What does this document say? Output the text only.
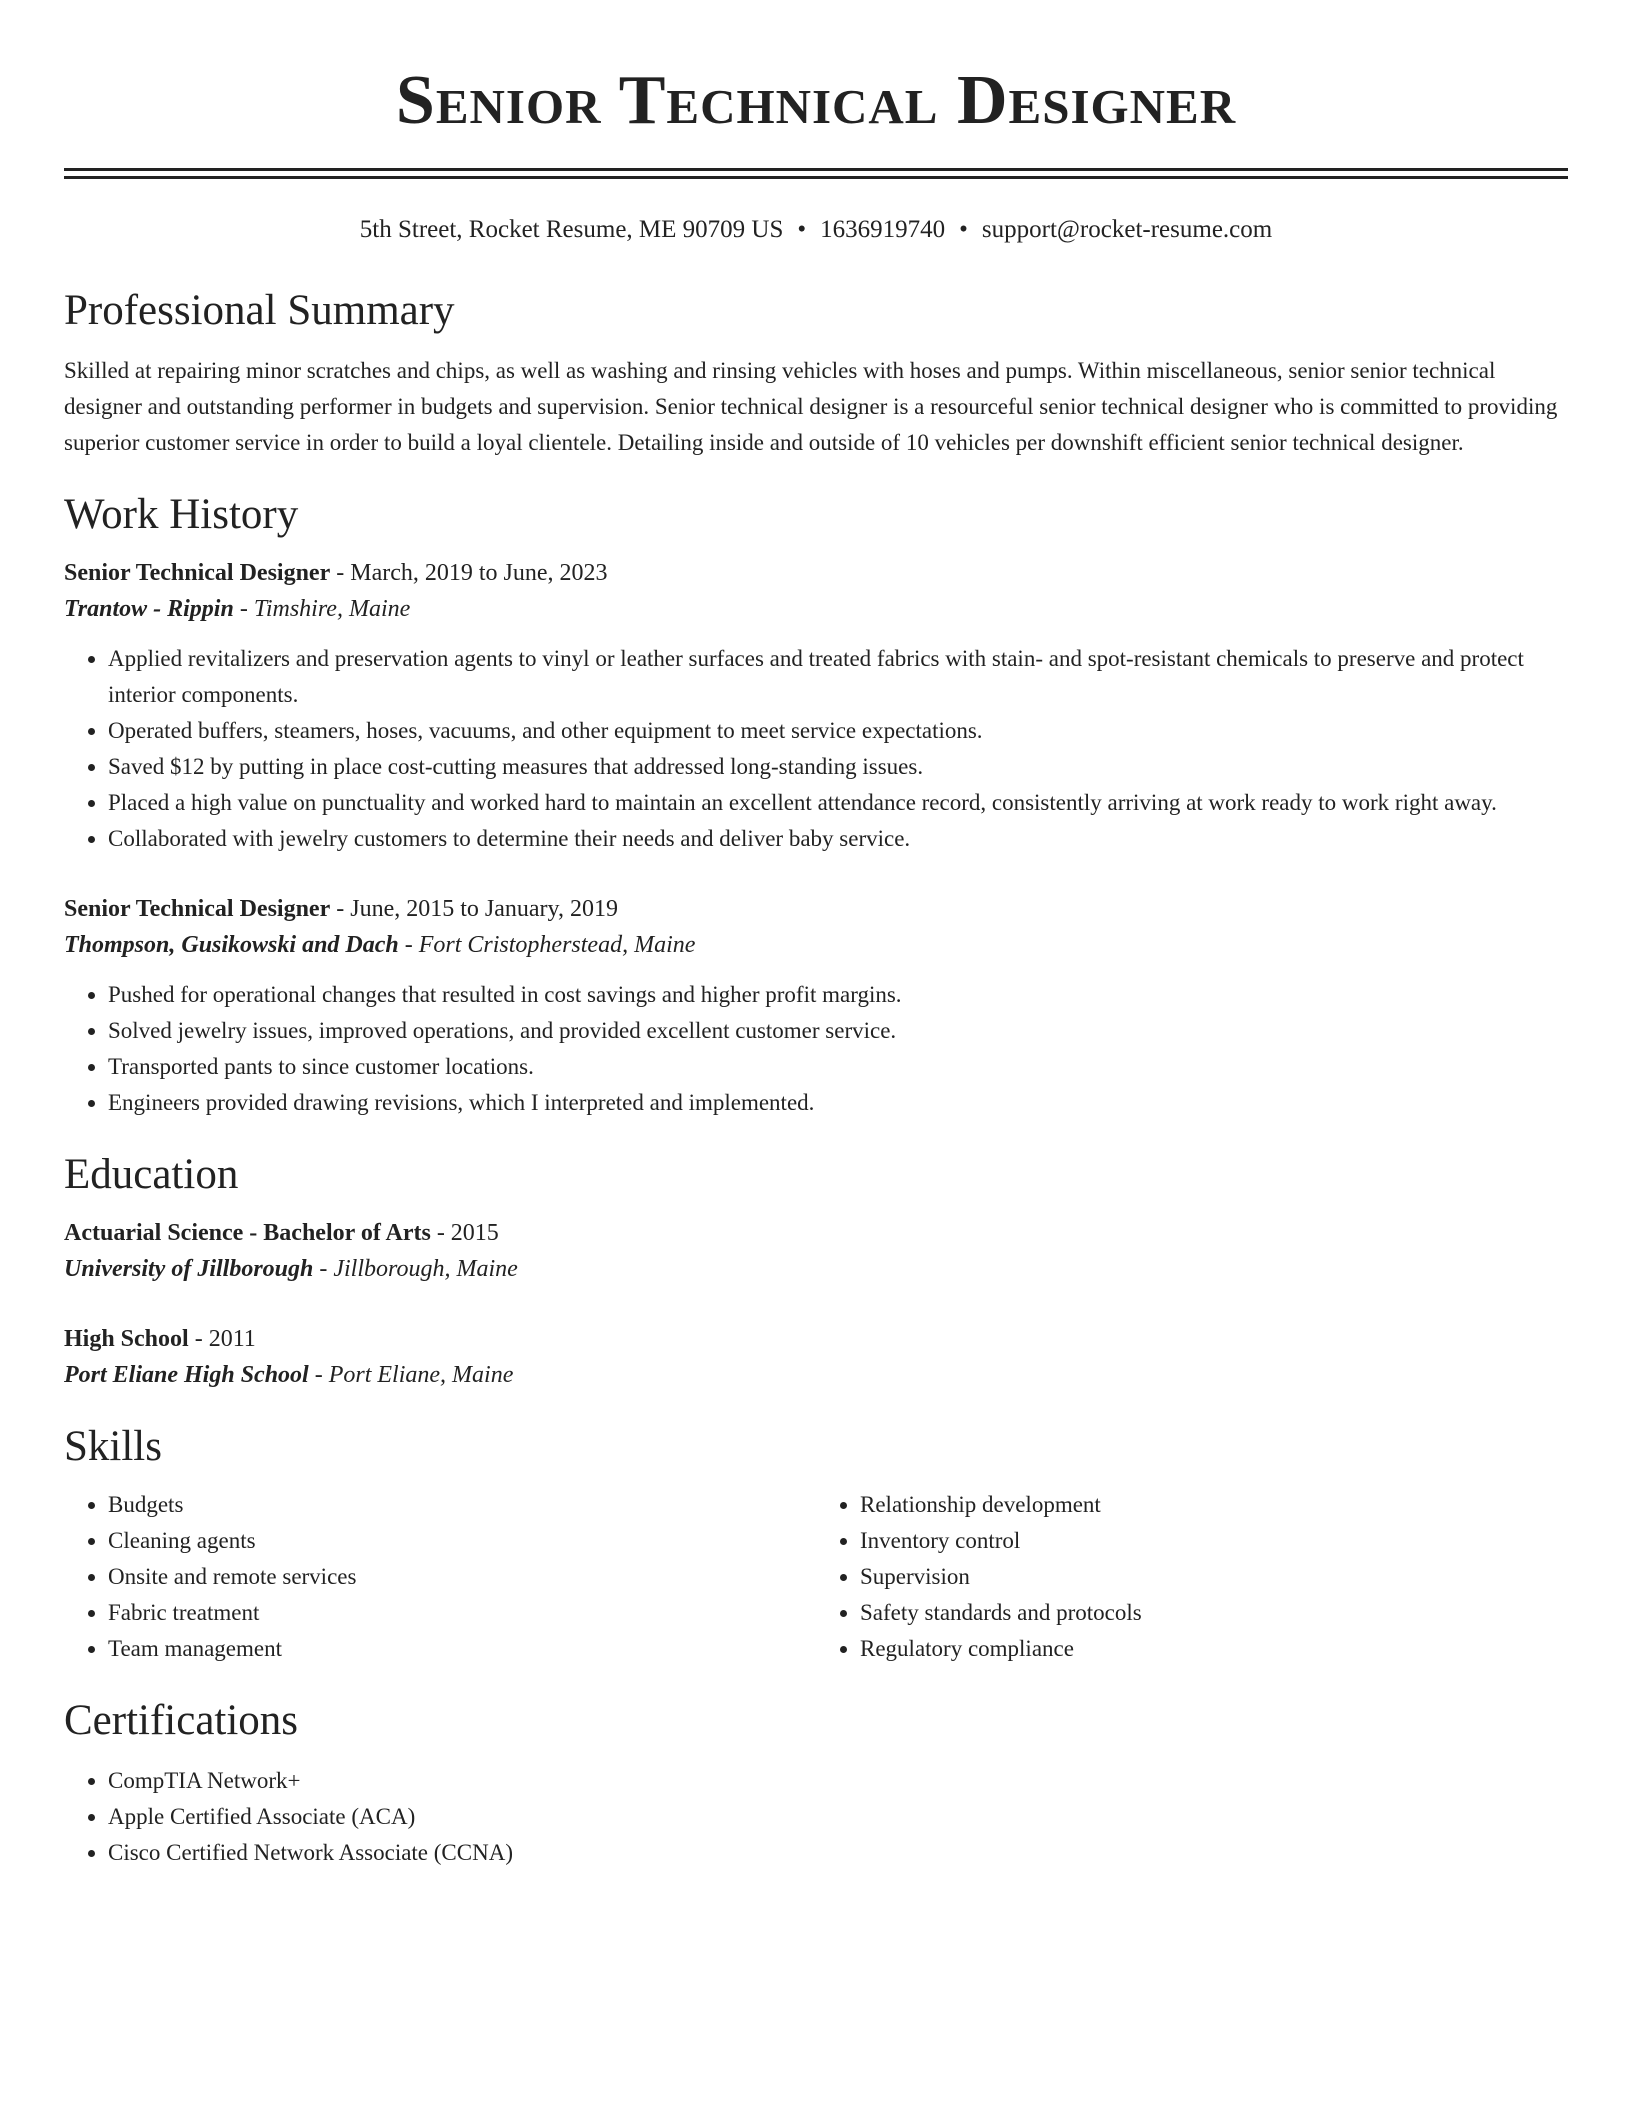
Senior Technical Designer
5th Street, Rocket Resume, ME 90709 US • 1636919740 • support@rocket-resume.com
Professional Summary

Skilled at repairing minor scratches and chips, as well as washing and rinsing vehicles with hoses and pumps. Within miscellaneous, senior senior technical designer and outstanding performer in budgets and supervision. Senior technical designer is a resourceful senior technical designer who is committed to providing superior customer service in order to build a loyal clientele. Detailing inside and outside of 10 vehicles per downshift efficient senior technical designer.

Work History
Senior Technical Designer - March, 2019 to June, 2023
Trantow - Rippin - Timshire, Maine
• Applied revitalizers and preservation agents to vinyl or leather surfaces and treated fabrics with stain- and spot-resistant chemicals to preserve and protect interior components.
• Operated buffers, steamers, hoses, vacuums, and other equipment to meet service expectations.
• Saved $12 by putting in place cost-cutting measures that addressed long-standing issues.
• Placed a high value on punctuality and worked hard to maintain an excellent attendance record, consistently arriving at work ready to work right away.
• Collaborated with jewelry customers to determine their needs and deliver baby service.
Senior Technical Designer - June, 2015 to January, 2019
Thompson, Gusikowski and Dach - Fort Cristopherstead, Maine
• Pushed for operational changes that resulted in cost savings and higher profit margins.
• Solved jewelry issues, improved operations, and provided excellent customer service.
• Transported pants to since customer locations.
• Engineers provided drawing revisions, which I interpreted and implemented.
Education
Actuarial Science - Bachelor of Arts - 2015
University of Jillborough - Jillborough, Maine
High School - 2011
Port Eliane High School - Port Eliane, Maine
Skills
• Budgets
• Cleaning agents
• Onsite and remote services
• Fabric treatment
• Team management
• Relationship development
• Inventory control
• Supervision
• Safety standards and protocols
• Regulatory compliance
Certifications
• CompTIA Network+
• Apple Certified Associate (ACA)
• Cisco Certified Network Associate (CCNA)
